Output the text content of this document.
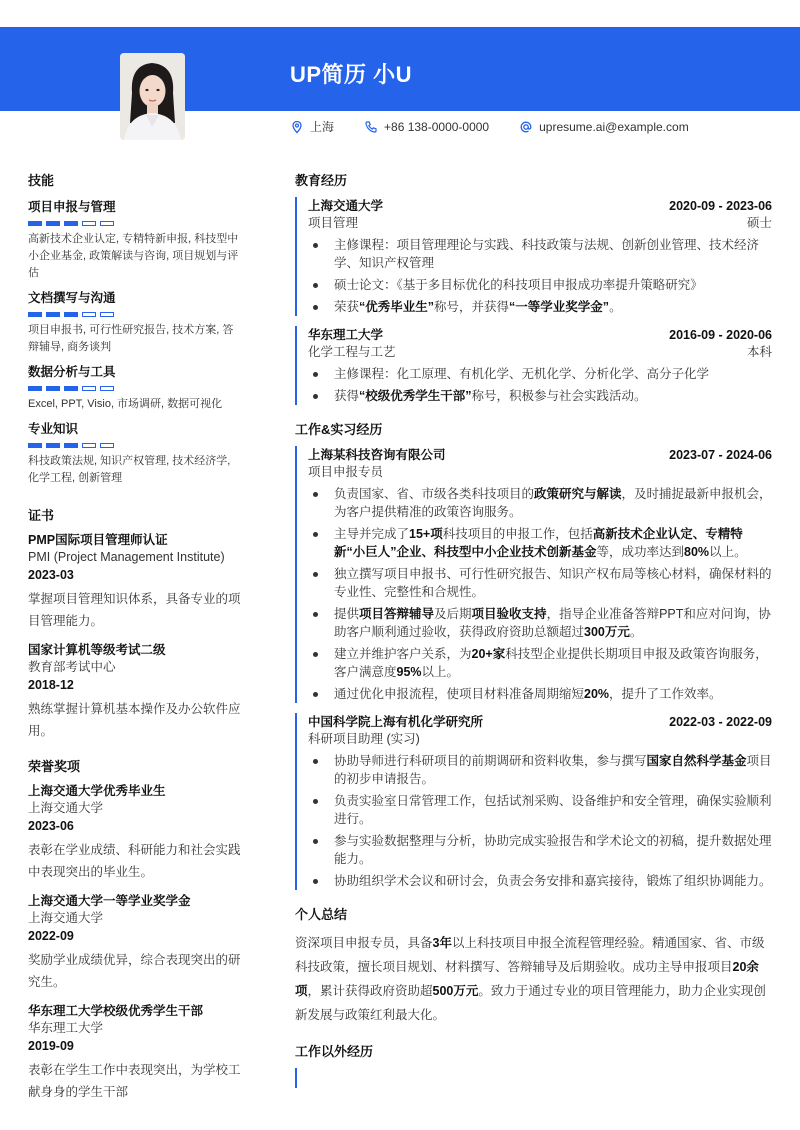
UP简历 小U
上海	+86 138-0000-0000	upresume.ai@example.com
技能
项目申报与管理
高新技术企业认定, 专精特新申报, 科技型中小企业基金, 政策解读与咨询, 项目规划与评估
文档撰写与沟通
项目申报书, 可行性研究报告, 技术方案, 答辩辅导, 商务谈判
数据分析与工具
Excel, PPT, Visio, 市场调研, 数据可视化
专业知识
科技政策法规, 知识产权管理, 技术经济学, 化学工程, 创新管理
证书
PMP国际项目管理师认证
PMI (Project Management Institute)
2023-03
掌握项目管理知识体系，具备专业的项目管理能力。
国家计算机等级考试二级
教育部考试中心
2018-12
熟练掌握计算机基本操作及办公软件应用。
荣誉奖项
上海交通大学优秀毕业生
上海交通大学
2023-06
表彰在学业成绩、科研能力和社会实践中表现突出的毕业生。
上海交通大学一等学业奖学金
上海交通大学
2022-09
奖励学业成绩优异，综合表现突出的研究生。
华东理工大学校级优秀学生干部
华东理工大学
2019-09
表彰在学生工作中表现突出，为学校工献身身的学生干部
教育经历
上海交通大学	2020-09 - 2023-06
项目管理	硕士
主修课程：项目管理理论与实践、科技政策与法规、创新创业管理、技术经济学、知识产权管理
硕士论文：《基于多目标优化的科技项目申报成功率提升策略研究》
荣获“优秀毕业生”称号，并获得“一等学业奖学金”。
华东理工大学	2016-09 - 2020-06
化学工程与工艺	本科
主修课程：化工原理、有机化学、无机化学、分析化学、高分子化学
获得“校级优秀学生干部”称号，积极参与社会实践活动。
工作&实习经历
上海某科技咨询有限公司	2023-07 - 2024-06
项目申报专员
负责国家、省、市级各类科技项目的政策研究与解读，及时捕捉最新申报机会，为客户提供精准的政策咨询服务。
主导并完成了15+项科技项目的申报工作，包括高新技术企业认定、专精特新“小巨人”企业、科技型中小企业技术创新基金等，成功率达到80%以上。
独立撰写项目申报书、可行性研究报告、知识产权布局等核心材料，确保材料的专业性、完整性和合规性。
提供项目答辩辅导及后期项目验收支持，指导企业准备答辩PPT和应对问询，协助客户顺利通过验收，获得政府资助总额超过300万元。
建立并维护客户关系，为20+家科技型企业提供长期项目申报及政策咨询服务，客户满意度95%以上。
通过优化申报流程，使项目材料准备周期缩短20%，提升了工作效率。
中国科学院上海有机化学研究所	2022-03 - 2022-09
科研项目助理 (实习)
协助导师进行科研项目的前期调研和资料收集，参与撰写国家自然科学基金项目的初步申请报告。
负责实验室日常管理工作，包括试剂采购、设备维护和安全管理，确保实验顺利进行。
参与实验数据整理与分析，协助完成实验报告和学术论文的初稿，提升数据处理能力。
协助组织学术会议和研讨会，负责会务安排和嘉宾接待，锻炼了组织协调能力。
个人总结
资深项目申报专员，具备3年以上科技项目申报全流程管理经验。精通国家、省、市级科技政策，擅长项目规划、材料撰写、答辩辅导及后期验收。成功主导申报项目20余项，累计获得政府资助超500万元。致力于通过专业的项目管理能力，助力企业实现创新发展与政策红利最大化。
工作以外经历
